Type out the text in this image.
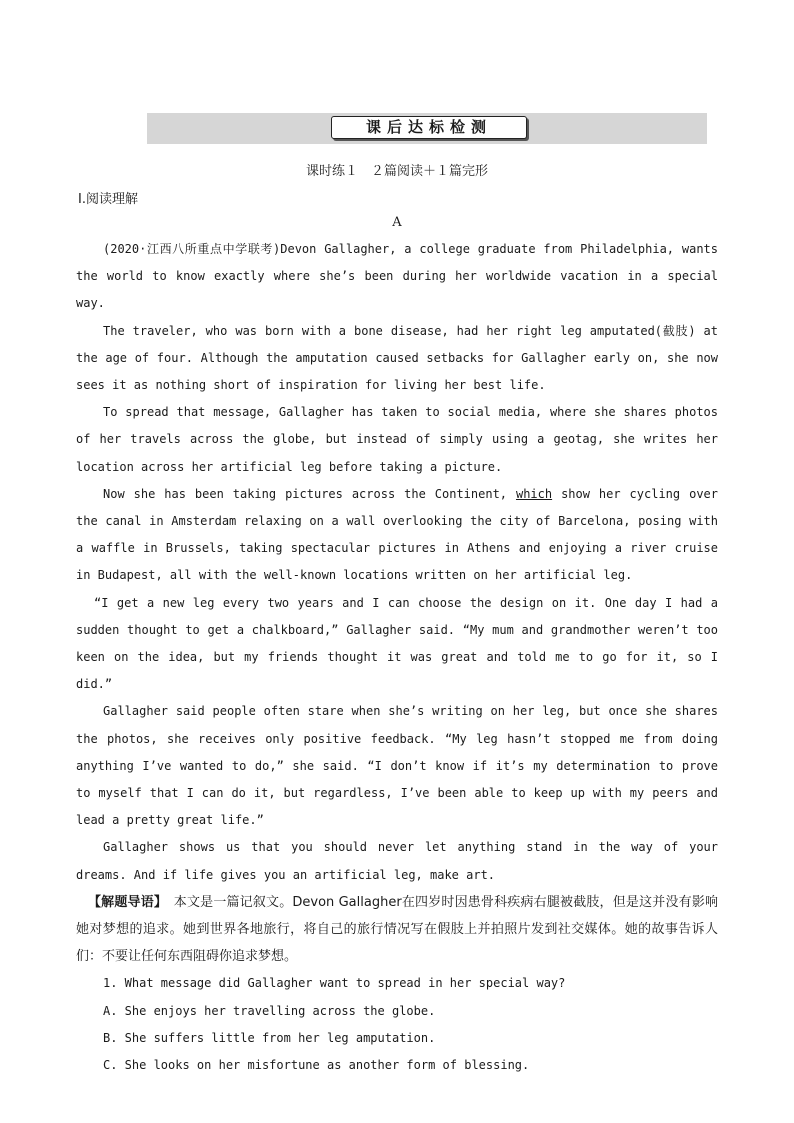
课后达标检测
课时练１　２篇阅读＋１篇完形
Ⅰ.阅读理解
A

(2020·江西八所重点中学联考)Devon Gallagher, a college graduate from Philadelphia, wants the world to know exactly where she’s been during her worldwide vacation in a special way.

The traveler, who was born with a bone disease, had her right leg amputated(截肢) at the age of four. Although the amputation caused setbacks for Gallagher early on, she now sees it as nothing short of inspiration for living her best life.

To spread that message, Gallagher has taken to social media, where she shares photos of her travels across the globe, but instead of simply using a geotag, she writes her location across her artificial leg before taking a picture.

Now she has been taking pictures across the Continent, which show her cycling over the canal in Amsterdam relaxing on a wall overlooking the city of Barcelona, posing with a waffle in Brussels, taking spectacular pictures in Athens and enjoying a river cruise in Budapest, all with the well-known locations written on her artificial leg.

“I get a new leg every two years and I can choose the design on it. One day I had a sudden thought to get a chalkboard,” Gallagher said. “My mum and grandmother weren’t too keen on the idea, but my friends thought it was great and told me to go for it, so I did.”

Gallagher said people often stare when she’s writing on her leg, but once she shares the photos, she receives only positive feedback. “My leg hasn’t stopped me from doing anything I’ve wanted to do,” she said. “I don’t know if it’s my determination to prove to myself that I can do it, but regardless, I’ve been able to keep up with my peers and lead a pretty great life.”

Gallagher shows us that you should never let anything stand in the way of your dreams. And if life gives you an artificial leg, make art.

【解题导语】　本文是一篇记叙文。Devon Gallagher在四岁时因患骨科疾病右腿被截肢，但是这并没有影响她对梦想的追求。她到世界各地旅行，将自己的旅行情况写在假肢上并拍照片发到社交媒体。她的故事告诉人们：不要让任何东西阻碍你追求梦想。

1. What message did Gallagher want to spread in her special way?

A. She enjoys her travelling across the globe.

B. She suffers little from her leg amputation.

C. She looks on her misfortune as another form of blessing.
